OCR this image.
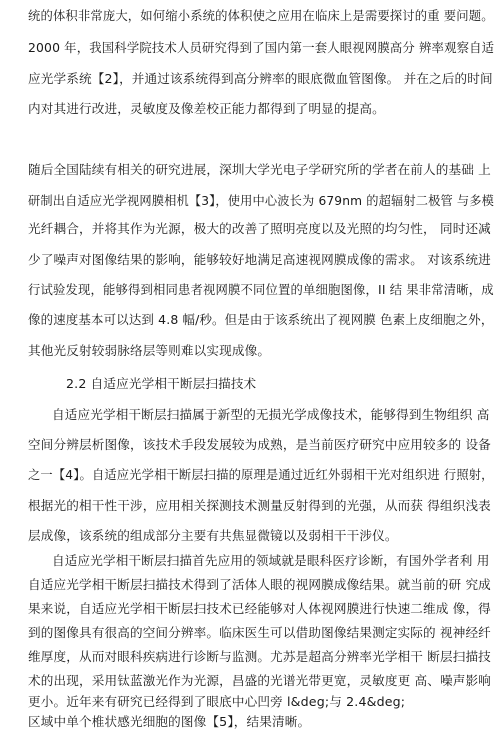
统的体积非常庞大，如何缩小系统的体积使之应用在临床上是需要探讨的重 要问题。
2000 年，我国科学院技术人员研究得到了国内第一套人眼视网膜高分 辨率观察自适
应光学系统【2】，并通过该系统得到高分辨率的眼底微血管图像。 并在之后的时间
内对其进行改进，灵敏度及像差校正能力都得到了明显的提高。
随后全国陆续有相关的研究进展，深圳大学光电子学研究所的学者在前人的基础 上
研制出自适应光学视网膜相机【3】，使用中心波长为 679nm 的超辐射二极管 与多模
光纤耦合，并将其作为光源，极大的改善了照明亮度以及光照的均匀性， 同时还减
少了噪声对图像结果的影响，能够较好地满足高速视网膜成像的需求。 对该系统进
行试验发现，能够得到相同患者视网膜不同位置的单细胞图像，II 结 果非常清晰，成
像的速度基本可以达到 4.8 幅/秒。但是由于该系统出了视网膜 色素上皮细胞之外，
其他光反射较弱脉络层等则难以实现成像。
2.2 自适应光学相干断层扫描技术
自适应光学相干断层扫描属于新型的无损光学成像技术，能够得到生物组织 高
空间分辨层析图像，该技术手段发展较为成熟，是当前医疗研究中应用较多的 设备
之一【4】。自适应光学相干断层扫描的原理是通过近红外弱相干光对组织进 行照射，
根据光的相干性干涉，应用相关探测技术测量反射得到的光强，从而获 得组织浅表
层成像，该系统的组成部分主要有共焦显微镜以及弱相干干涉仪。
自适应光学相干断层扫描首先应用的领域就是眼科医疗诊断，有国外学者利 用
自适应光学相干断层扫描技术得到了活体人眼的视网膜成像结果。就当前的研 究成
果来说，自适应光学相干断层扫技术已经能够对人体视网膜进行快速二维成 像，得
到的图像具有很高的空间分辨率。临床医生可以借助图像结果测定实际的 视神经纤
维厚度，从而对眼科疾病进行诊断与监测。尤苏是超高分辨率光学相干 断层扫描技
术的出现，采用钛蓝激光作为光源，昌盛的光谱光带更宽，灵敏度更 高、噪声影响
更小。近年来有研究已经得到了眼底中心凹旁 l&deg;与 2.4&deg;
区域中单个椎状感光细胞的图像【5】，结果清晰。
